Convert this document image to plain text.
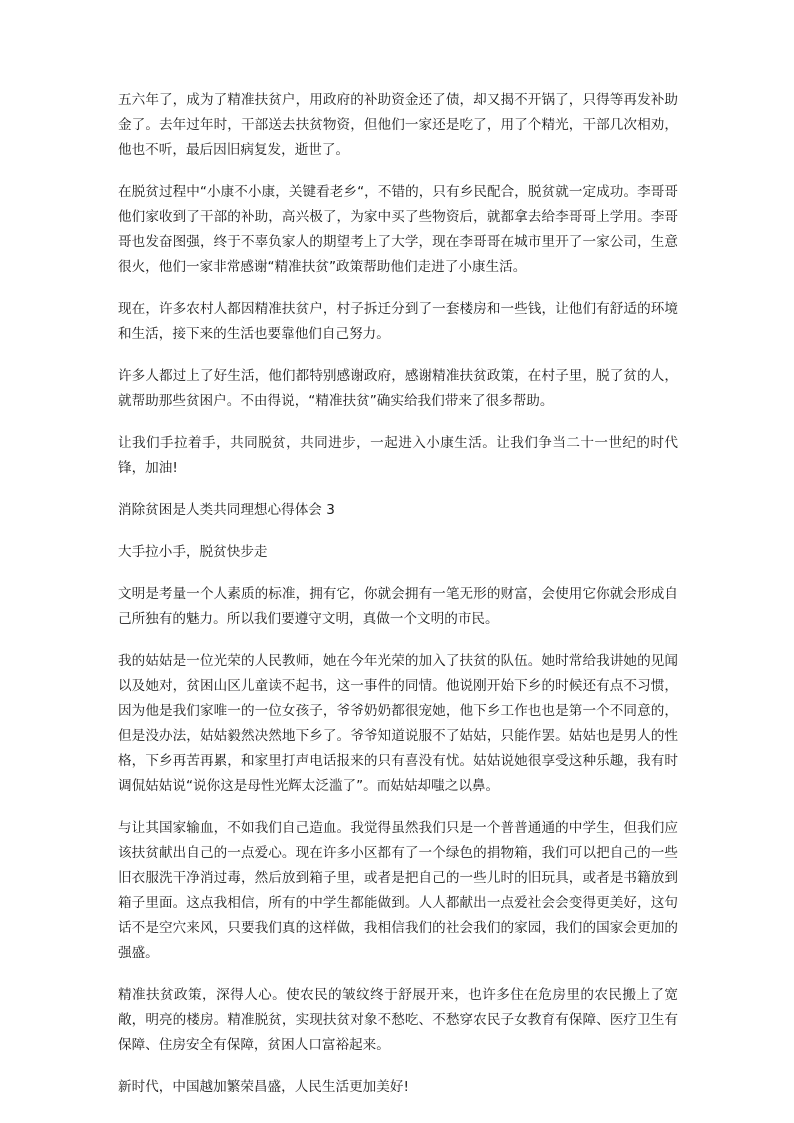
五六年了，成为了精准扶贫户，用政府的补助资金还了债，却又揭不开锅了，只得等再发补助金了。去年过年时，干部送去扶贫物资，但他们一家还是吃了，用了个精光，干部几次相劝，他也不听，最后因旧病复发，逝世了。

在脱贫过程中“小康不小康，关键看老乡“，不错的，只有乡民配合，脱贫就一定成功。李哥哥他们家收到了干部的补助，高兴极了，为家中买了些物资后，就都拿去给李哥哥上学用。李哥哥也发奋图强，终于不辜负家人的期望考上了大学，现在李哥哥在城市里开了一家公司，生意很火，他们一家非常感谢“精准扶贫”政策帮助他们走进了小康生活。

现在，许多农村人都因精准扶贫户，村子拆迁分到了一套楼房和一些钱，让他们有舒适的环境和生活，接下来的生活也要靠他们自己努力。

许多人都过上了好生活，他们都特别感谢政府，感谢精准扶贫政策，在村子里，脱了贫的人，就帮助那些贫困户。不由得说，“精准扶贫”确实给我们带来了很多帮助。

让我们手拉着手，共同脱贫，共同进步，一起进入小康生活。让我们争当二十一世纪的时代锋，加油!

消除贫困是人类共同理想心得体会 3

大手拉小手，脱贫快步走

文明是考量一个人素质的标准，拥有它，你就会拥有一笔无形的财富，会使用它你就会形成自己所独有的魅力。所以我们要遵守文明，真做一个文明的市民。

我的姑姑是一位光荣的人民教师，她在今年光荣的加入了扶贫的队伍。她时常给我讲她的见闻以及她对，贫困山区儿童读不起书，这一事件的同情。他说刚开始下乡的时候还有点不习惯，因为他是我们家唯一的一位女孩子，爷爷奶奶都很宠她，他下乡工作也也是第一个不同意的，但是没办法，姑姑毅然决然地下乡了。爷爷知道说服不了姑姑，只能作罢。姑姑也是男人的性格，下乡再苦再累，和家里打声电话报来的只有喜没有忧。姑姑说她很享受这种乐趣，我有时调侃姑姑说“说你这是母性光辉太泛滥了”。而姑姑却嗤之以鼻。

与让其国家输血，不如我们自己造血。我觉得虽然我们只是一个普普通通的中学生，但我们应该扶贫献出自己的一点爱心。现在许多小区都有了一个绿色的捐物箱，我们可以把自己的一些旧衣服洗干净消过毒，然后放到箱子里，或者是把自己的一些儿时的旧玩具，或者是书籍放到箱子里面。这点我相信，所有的中学生都能做到。人人都献出一点爱社会会变得更美好，这句话不是空穴来风，只要我们真的这样做，我相信我们的社会我们的家园，我们的国家会更加的强盛。

精准扶贫政策，深得人心。使农民的皱纹终于舒展开来，也许多住在危房里的农民搬上了宽敞，明亮的楼房。精准脱贫，实现扶贫对象不愁吃、不愁穿农民子女教育有保障、医疗卫生有保障、住房安全有保障，贫困人口富裕起来。

新时代，中国越加繁荣昌盛，人民生活更加美好!
